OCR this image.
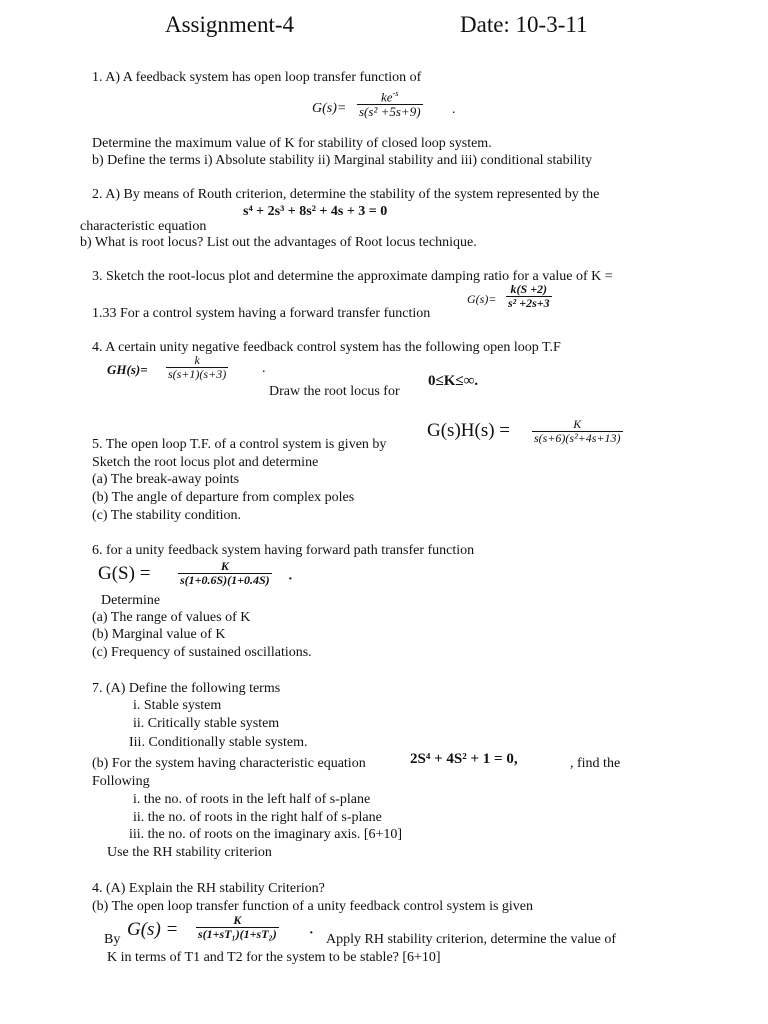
Assignment-4	Date: 10-3-11
1. A) A feedback system has open loop transfer function of
$G(s)= \frac{ke^{-s}}{\text{s(s² +5s+9)}}$ .
Determine the maximum value of K for stability of closed loop system.
b) Define the terms i) Absolute stability ii) Marginal stability and iii) conditional stability
2. A) By means of Routh criterion, determine the stability of the system represented by the
s⁴ + 2s³ + 8s² + 4s + 3 = 0
characteristic equation
b) What is root locus? List out the advantages of Root locus technique.
3. Sketch the root-locus plot and determine the approximate damping ratio for a value of K =
1.33 For a control system having a forward transfer function
$G(s)= \frac{k(S +2)}{\text{s² +2s+3}}$
4. A certain unity negative feedback control system has the following open loop T.F
$GH(s)= \frac{k}{s(s+1)(s+3)}$ .
Draw the root locus for
0≤K≤∞.
5. The open loop T.F. of a control system is given by
$G(s)H(s) = \frac{K}{\text{s(s+6)(s²+4s+13)}}$
Sketch the root locus plot and determine
(a) The break-away points
(b) The angle of departure from complex poles
(c) The stability condition.
6. for a unity feedback system having forward path transfer function
$G(S) = \frac{K}{s(1+0.6S)(1+0.4S)}$ ·
Determine
(a) The range of values of K
(b) Marginal value of K
(c) Frequency of sustained oscillations.
7. (A) Define the following terms
i. Stable system
ii. Critically stable system
Iii. Conditionally stable system.
(b) For the system having characteristic equation	2S⁴ + 4S² + 1 = 0,	, find the
Following
i. the no. of roots in the left half of s-plane
ii. the no. of roots in the right half of s-plane
iii. the no. of roots on the imaginary axis. [6+10]
Use the RH stability criterion
4. (A) Explain the RH stability Criterion?
(b) The open loop transfer function of a unity feedback control system is given
By $G(s) = \frac{K}{\text{s(1+sT₁)(1+sT₂)}}$ · Apply RH stability criterion, determine the value of
K in terms of T1 and T2 for the system to be stable? [6+10]
